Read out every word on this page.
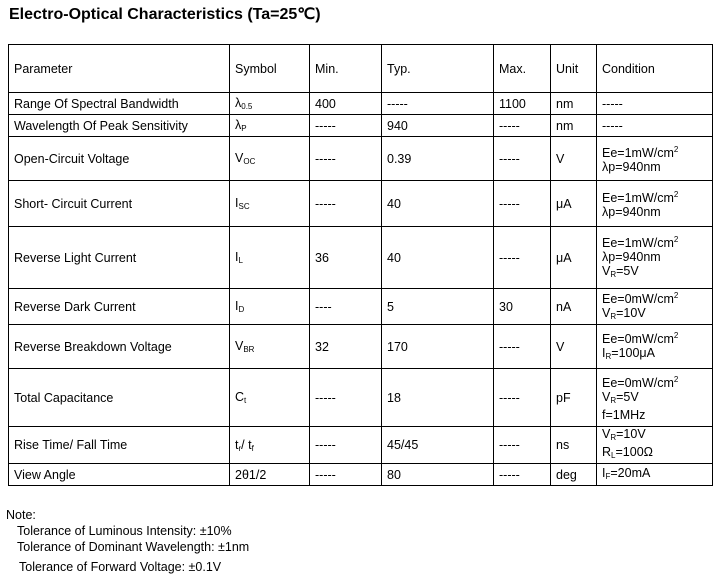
Electro-Optical Characteristics (Ta=25℃)
Parameter	Symbol	Min.	Typ.	Max.	Unit	Condition
Range Of Spectral Bandwidth	$\lambda_{0.5}$	400	-----	1100	nm	-----

Wavelength Of Peak Sensitivity	$\lambda_P$	-----	940	-----	nm	-----

Open-Circuit Voltage	$V_{OC}$	-----	0.39	-----	V	$Ee=1mW/cm^2$
λp=940nm

Short- Circuit Current	$I_{SC}$	-----	40	-----	μA	$Ee=1mW/cm^2$
λp=940nm

Reverse Light Current	$I_L$	36	40	-----	μA	$Ee=1mW/cm^2$
λp=940nm
$V_R=5V$

Reverse Dark Current	$I_D$	----	5	30	nA	$Ee=0mW/cm^2$
$V_R=10V$

Reverse Breakdown Voltage	$V_{BR}$	32	170	-----	V	$Ee=0mW/cm^2$
$I_R=100\mu A$

Total Capacitance	$C_t$	-----	18	-----	pF	$Ee=0mW/cm^2$
$V_R=5V$
f=1MHz

Rise Time/ Fall Time	$t_r/$ $t_f$	-----	45/45	-----	ns	$V_R=10V$
$R_L=100\Omega$

View Angle	2θ1/2	-----	80	-----	deg	$I_F=20mA$
Note:
Tolerance of Luminous Intensity: ±10%
Tolerance of Dominant Wavelength: ±1nm
Tolerance of Forward Voltage: ±0.1V
